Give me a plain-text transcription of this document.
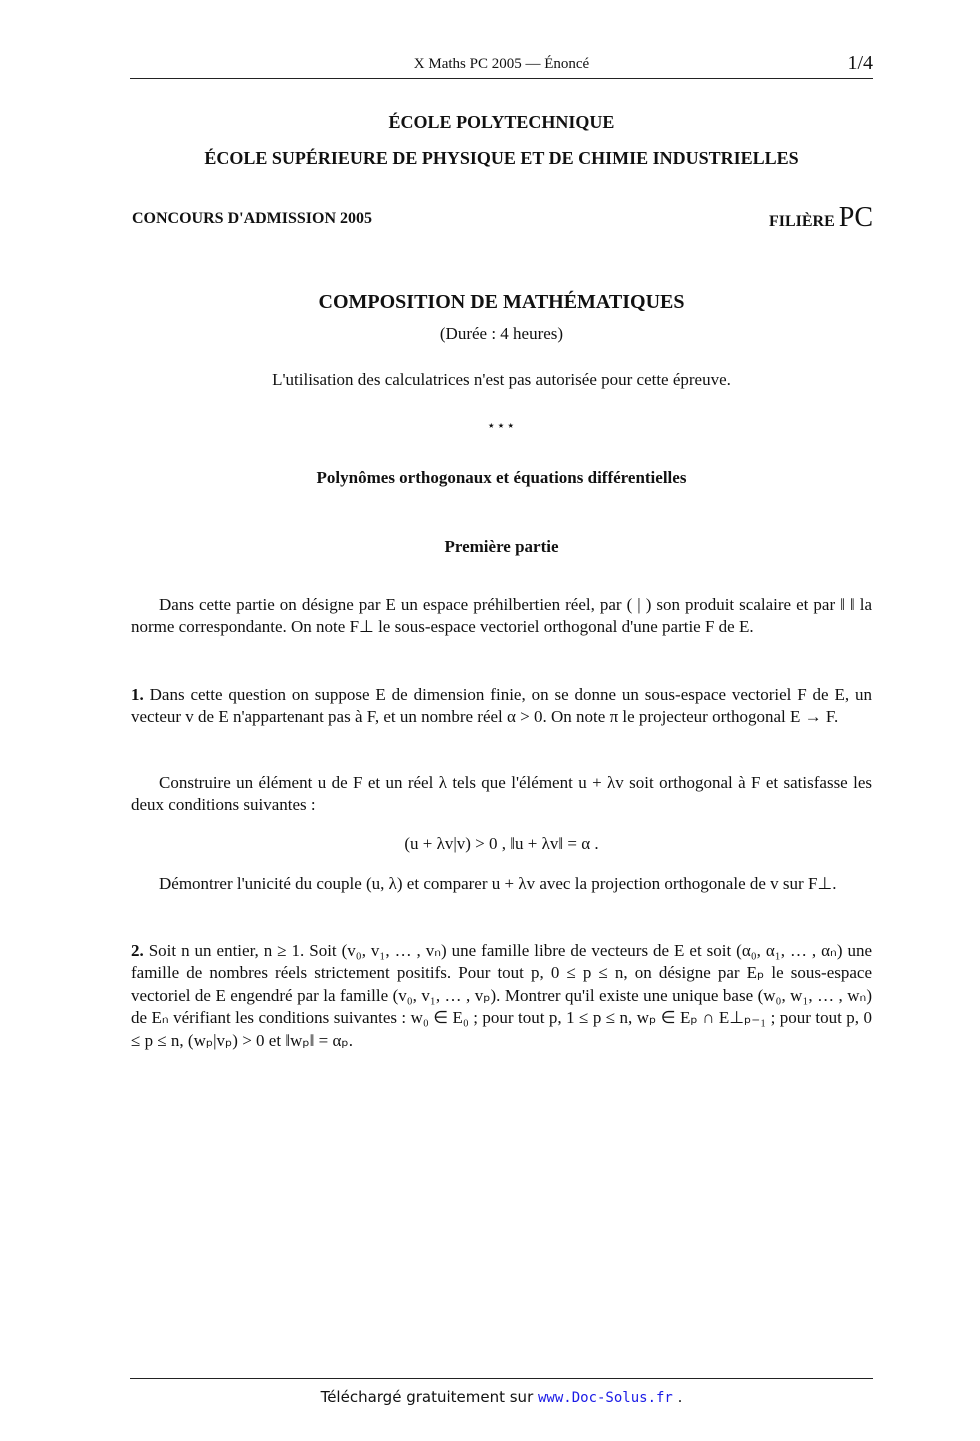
X Maths PC 2005 — Énoncé	1/4
ÉCOLE POLYTECHNIQUE
ÉCOLE SUPÉRIEURE DE PHYSIQUE ET DE CHIMIE INDUSTRIELLES
CONCOURS D'ADMISSION 2005	FILIÈRE PC
COMPOSITION DE MATHÉMATIQUES
(Durée : 4 heures)
L'utilisation des calculatrices n'est pas autorisée pour cette épreuve.
⋆⋆⋆
Polynômes orthogonaux et équations différentielles
Première partie
Dans cette partie on désigne par E un espace préhilbertien réel, par ( | ) son produit scalaire et par ‖ ‖ la norme correspondante. On note F⊥ le sous-espace vectoriel orthogonal d'une partie F de E.
1. Dans cette question on suppose E de dimension finie, on se donne un sous-espace vectoriel F de E, un vecteur v de E n'appartenant pas à F, et un nombre réel α > 0. On note π le projecteur orthogonal E → F.
Construire un élément u de F et un réel λ tels que l'élément u + λv soit orthogonal à F et satisfasse les deux conditions suivantes :
(u + λv|v) > 0 , ‖u + λv‖ = α .
Démontrer l'unicité du couple (u, λ) et comparer u + λv avec la projection orthogonale de v sur F⊥.
2. Soit n un entier, n ≥ 1. Soit (v₀, v₁, … , vₙ) une famille libre de vecteurs de E et soit (α₀, α₁, … , αₙ) une famille de nombres réels strictement positifs. Pour tout p, 0 ≤ p ≤ n, on désigne par Eₚ le sous-espace vectoriel de E engendré par la famille (v₀, v₁, … , vₚ). Montrer qu'il existe une unique base (w₀, w₁, … , wₙ) de Eₙ vérifiant les conditions suivantes : w₀ ∈ E₀ ; pour tout p, 1 ≤ p ≤ n, wₚ ∈ Eₚ ∩ E⊥ₚ₋₁ ; pour tout p, 0 ≤ p ≤ n, (wₚ|vₚ) > 0 et ‖wₚ‖ = αₚ.
Téléchargé gratuitement sur www.Doc-Solus.fr .
